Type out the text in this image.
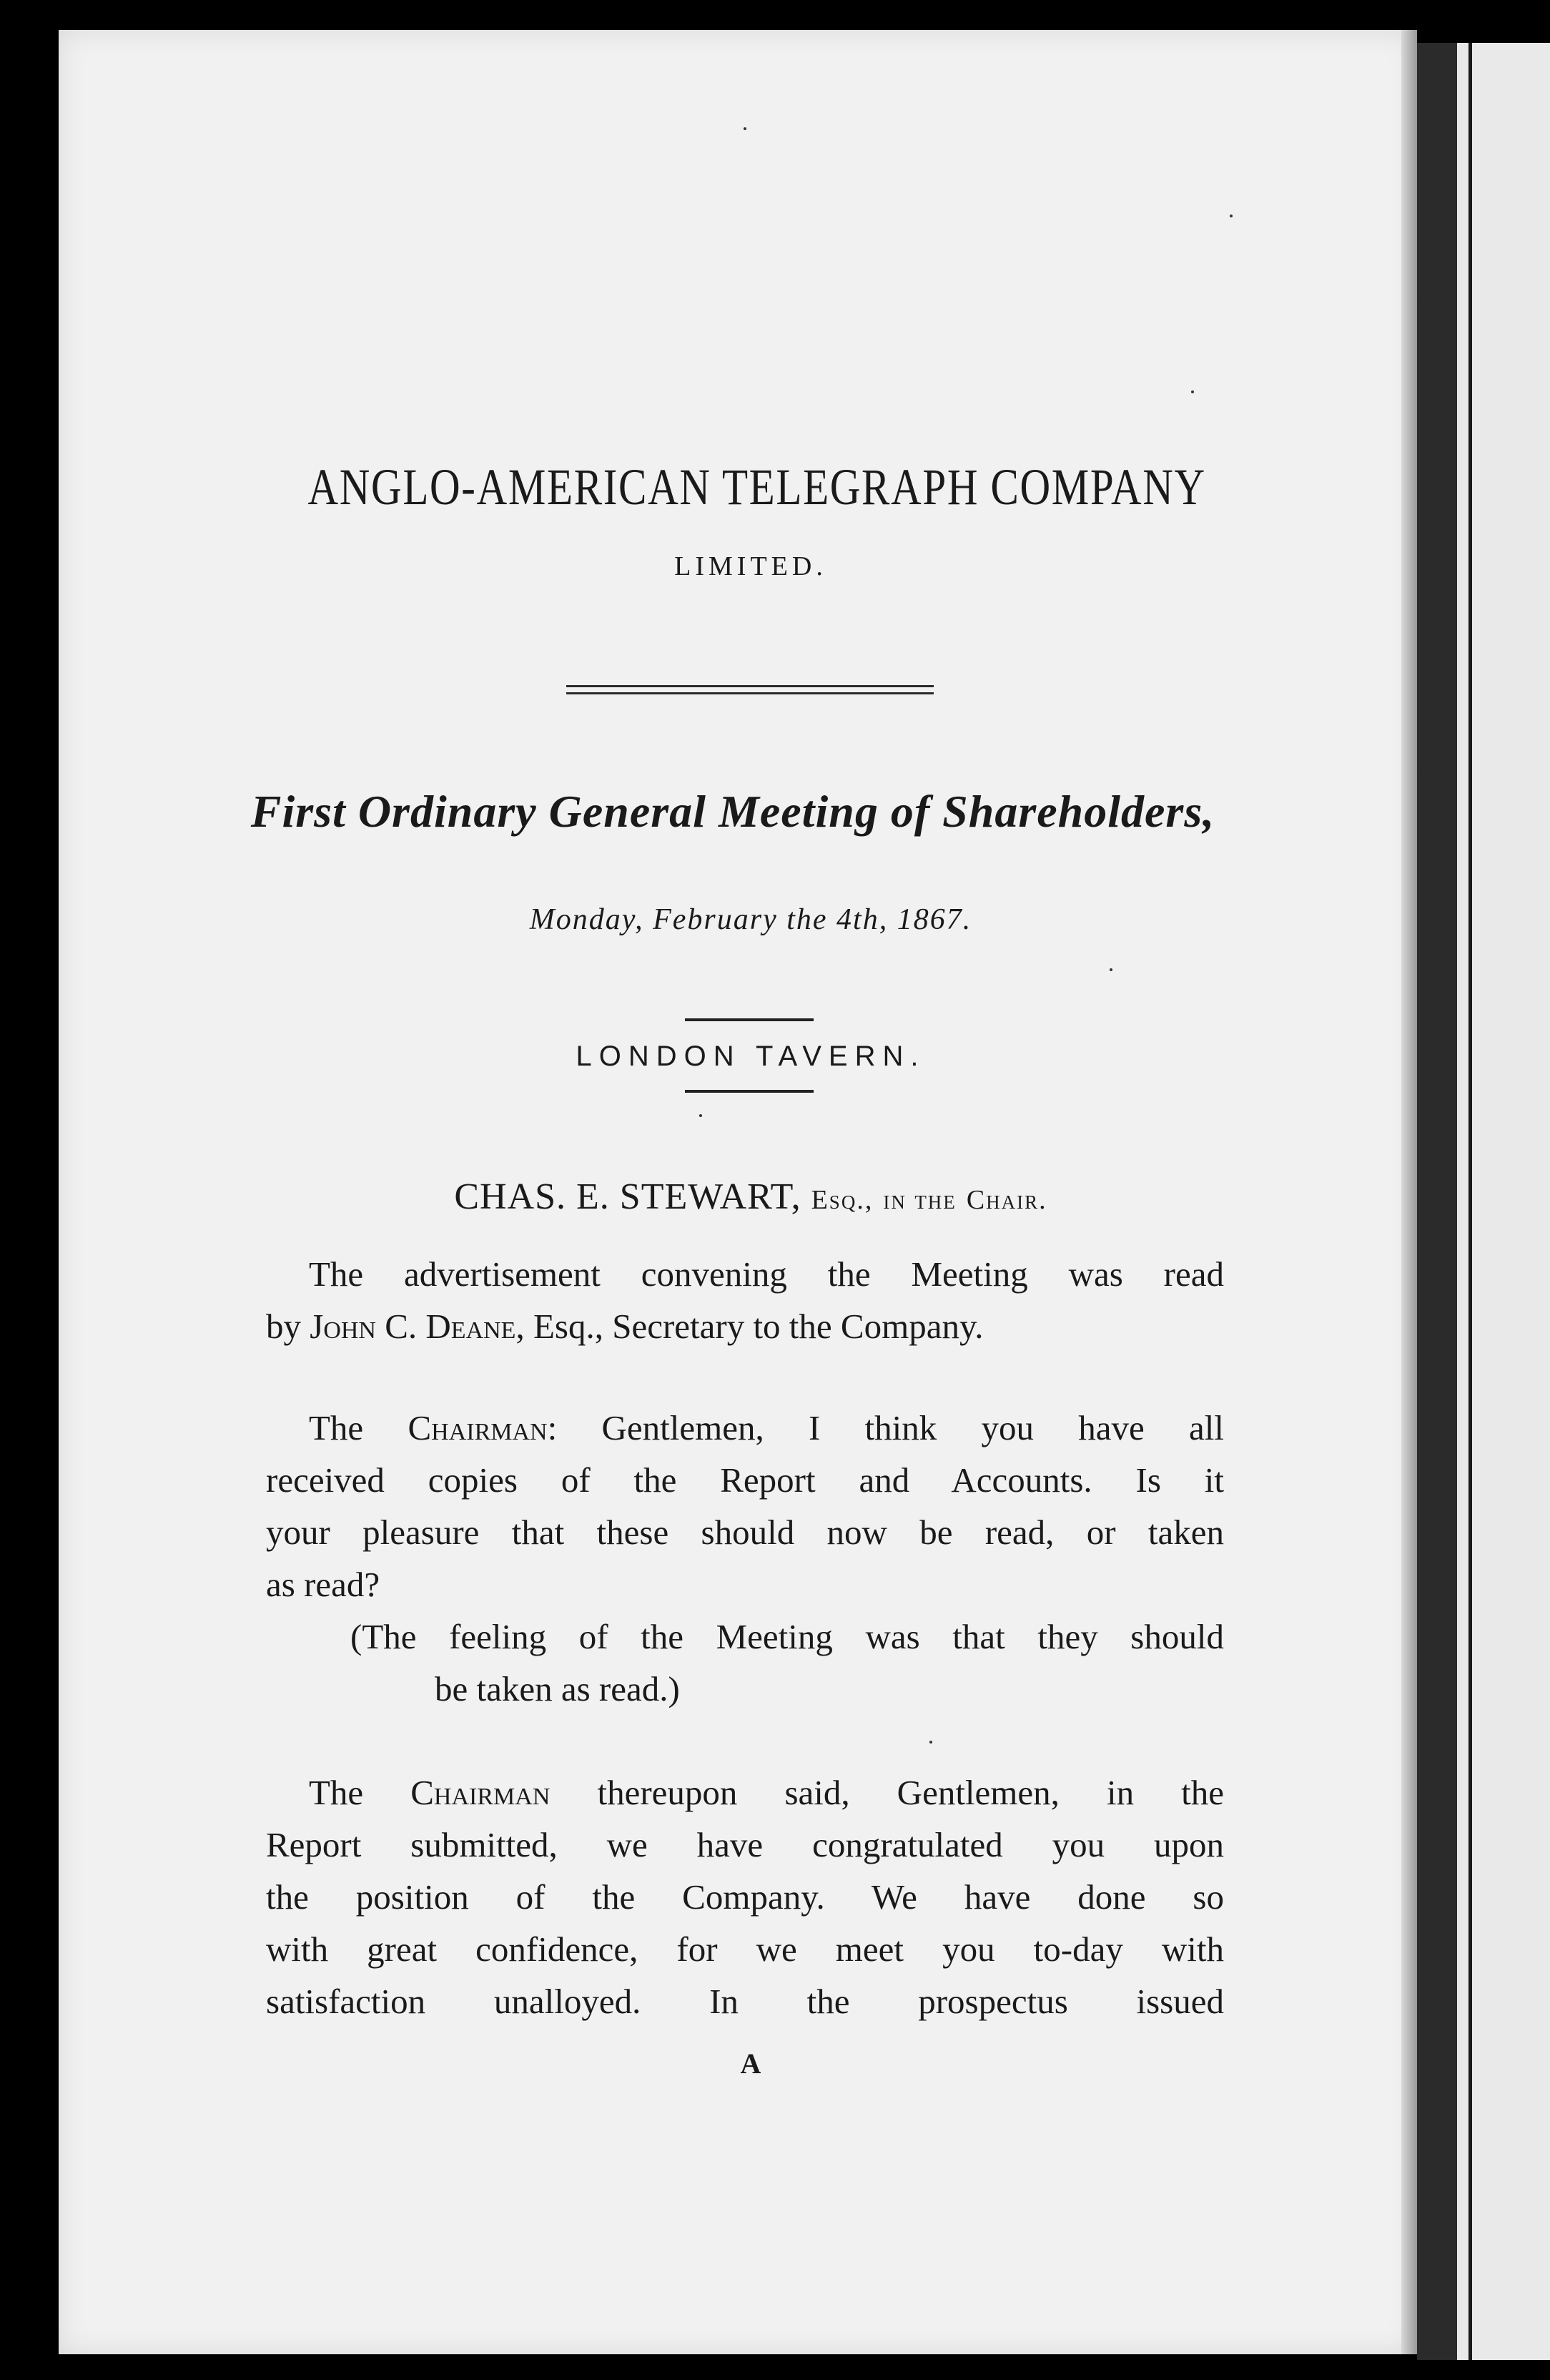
ANGLO-AMERICAN TELEGRAPH COMPANY
LIMITED.
First Ordinary General Meeting of Shareholders,
Monday, February the 4th, 1867.
LONDON TAVERN.
CHAS. E. STEWART, Esq., in the Chair.
The advertisement convening the Meeting was read
by John C. Deane, Esq., Secretary to the Company.
The Chairman: Gentlemen, I think you have all
received copies of the Report and Accounts. Is it
your pleasure that these should now be read, or taken
as read?
(The feeling of the Meeting was that they should
be taken as read.)
The Chairman thereupon said, Gentlemen, in the
Report submitted, we have congratulated you upon
the position of the Company. We have done so
with great confidence, for we meet you to-day with
satisfaction unalloyed. In the prospectus issued
A
